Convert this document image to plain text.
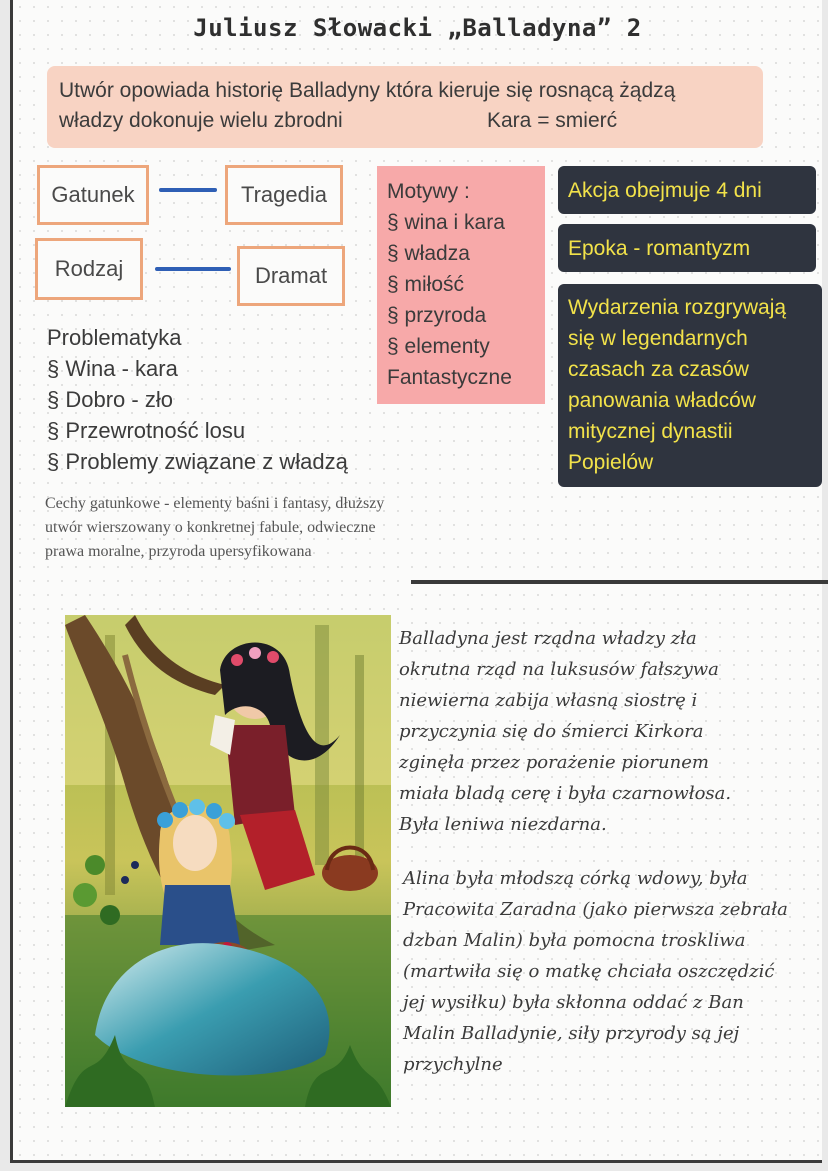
Juliusz Słowacki „Balladyna” 2
Utwór opowiada historię Balladyny która kieruje się rosnącą żądzą
władzy dokonuje wielu zbrodni	Kara = smierć
Gatunek	Tragedia
Rodzaj	Dramat
Problematyka
§ Wina - kara
§ Dobro - zło
§ Przewrotność losu
§ Problemy związane z władzą
Cechy gatunkowe - elementy baśni i fantasy, dłuższy
utwór wierszowany o konkretnej fabule, odwieczne
prawa moralne, przyroda upersyfikowana
Motywy :
§ wina i kara
§ władza
§ miłość
§ przyroda
§ elementy
Fantastyczne
Akcja obejmuje 4 dni
Epoka - romantyzm
Wydarzenia rozgrywają
się w legendarnych
czasach za czasów
panowania władców
mitycznej dynastii
Popielów
Balladyna jest rządna władzy zła
okrutna rząd na luksusów fałszywa
niewierna zabija własną siostrę i
przyczynia się do śmierci Kirkora
zginęła przez porażenie piorunem
miała bladą cerę i była czarnowłosa.
Była leniwa niezdarna.
Alina była młodszą córką wdowy, była
Pracowita Zaradna (jako pierwsza zebrała
dzban Malin) była pomocna troskliwa
(martwiła się o matkę chciała oszczędzić
jej wysiłku) była skłonna oddać z Ban
Malin Balladynie, siły przyrody są jej
przychylne
